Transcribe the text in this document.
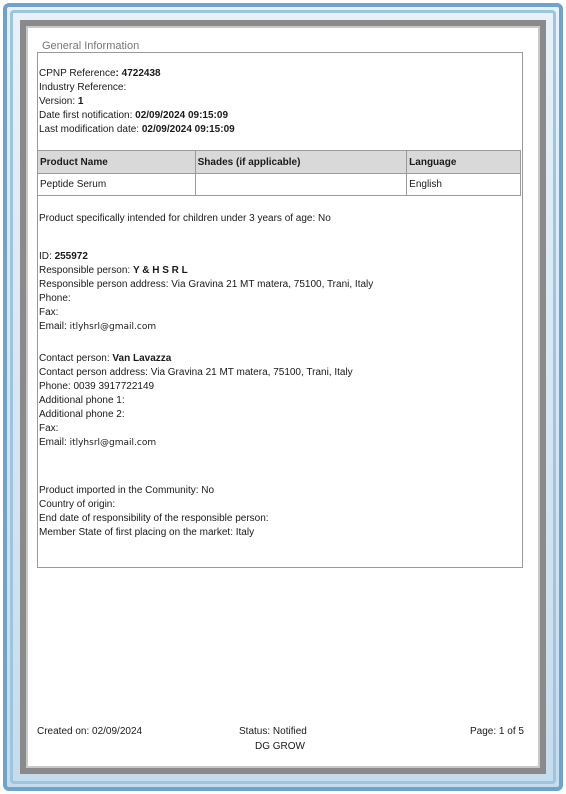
General Information
CPNP Reference: 4722438
Industry Reference:
Version: 1
Date first notification: 02/09/2024 09:15:09
Last modification date: 02/09/2024 09:15:09
Product Name	Shades (if applicable)	Language
Peptide Serum		English
Product specifically intended for children under 3 years of age: No
ID: 255972
Responsible person: Y & H S R L
Responsible person address: Via Gravina 21 MT matera, 75100, Trani, Italy
Phone:
Fax:
Email: itlyhsrl@gmail.com
Contact person: Van Lavazza
Contact person address: Via Gravina 21 MT matera, 75100, Trani, Italy
Phone: 0039 3917722149
Additional phone 1:
Additional phone 2:
Fax:
Email: itlyhsrl@gmail.com
Product imported in the Community: No
Country of origin:
End date of responsibility of the responsible person:
Member State of first placing on the market: Italy
Created on: 02/09/2024	Status: Notified
DG GROW
Page: 1 of 5
